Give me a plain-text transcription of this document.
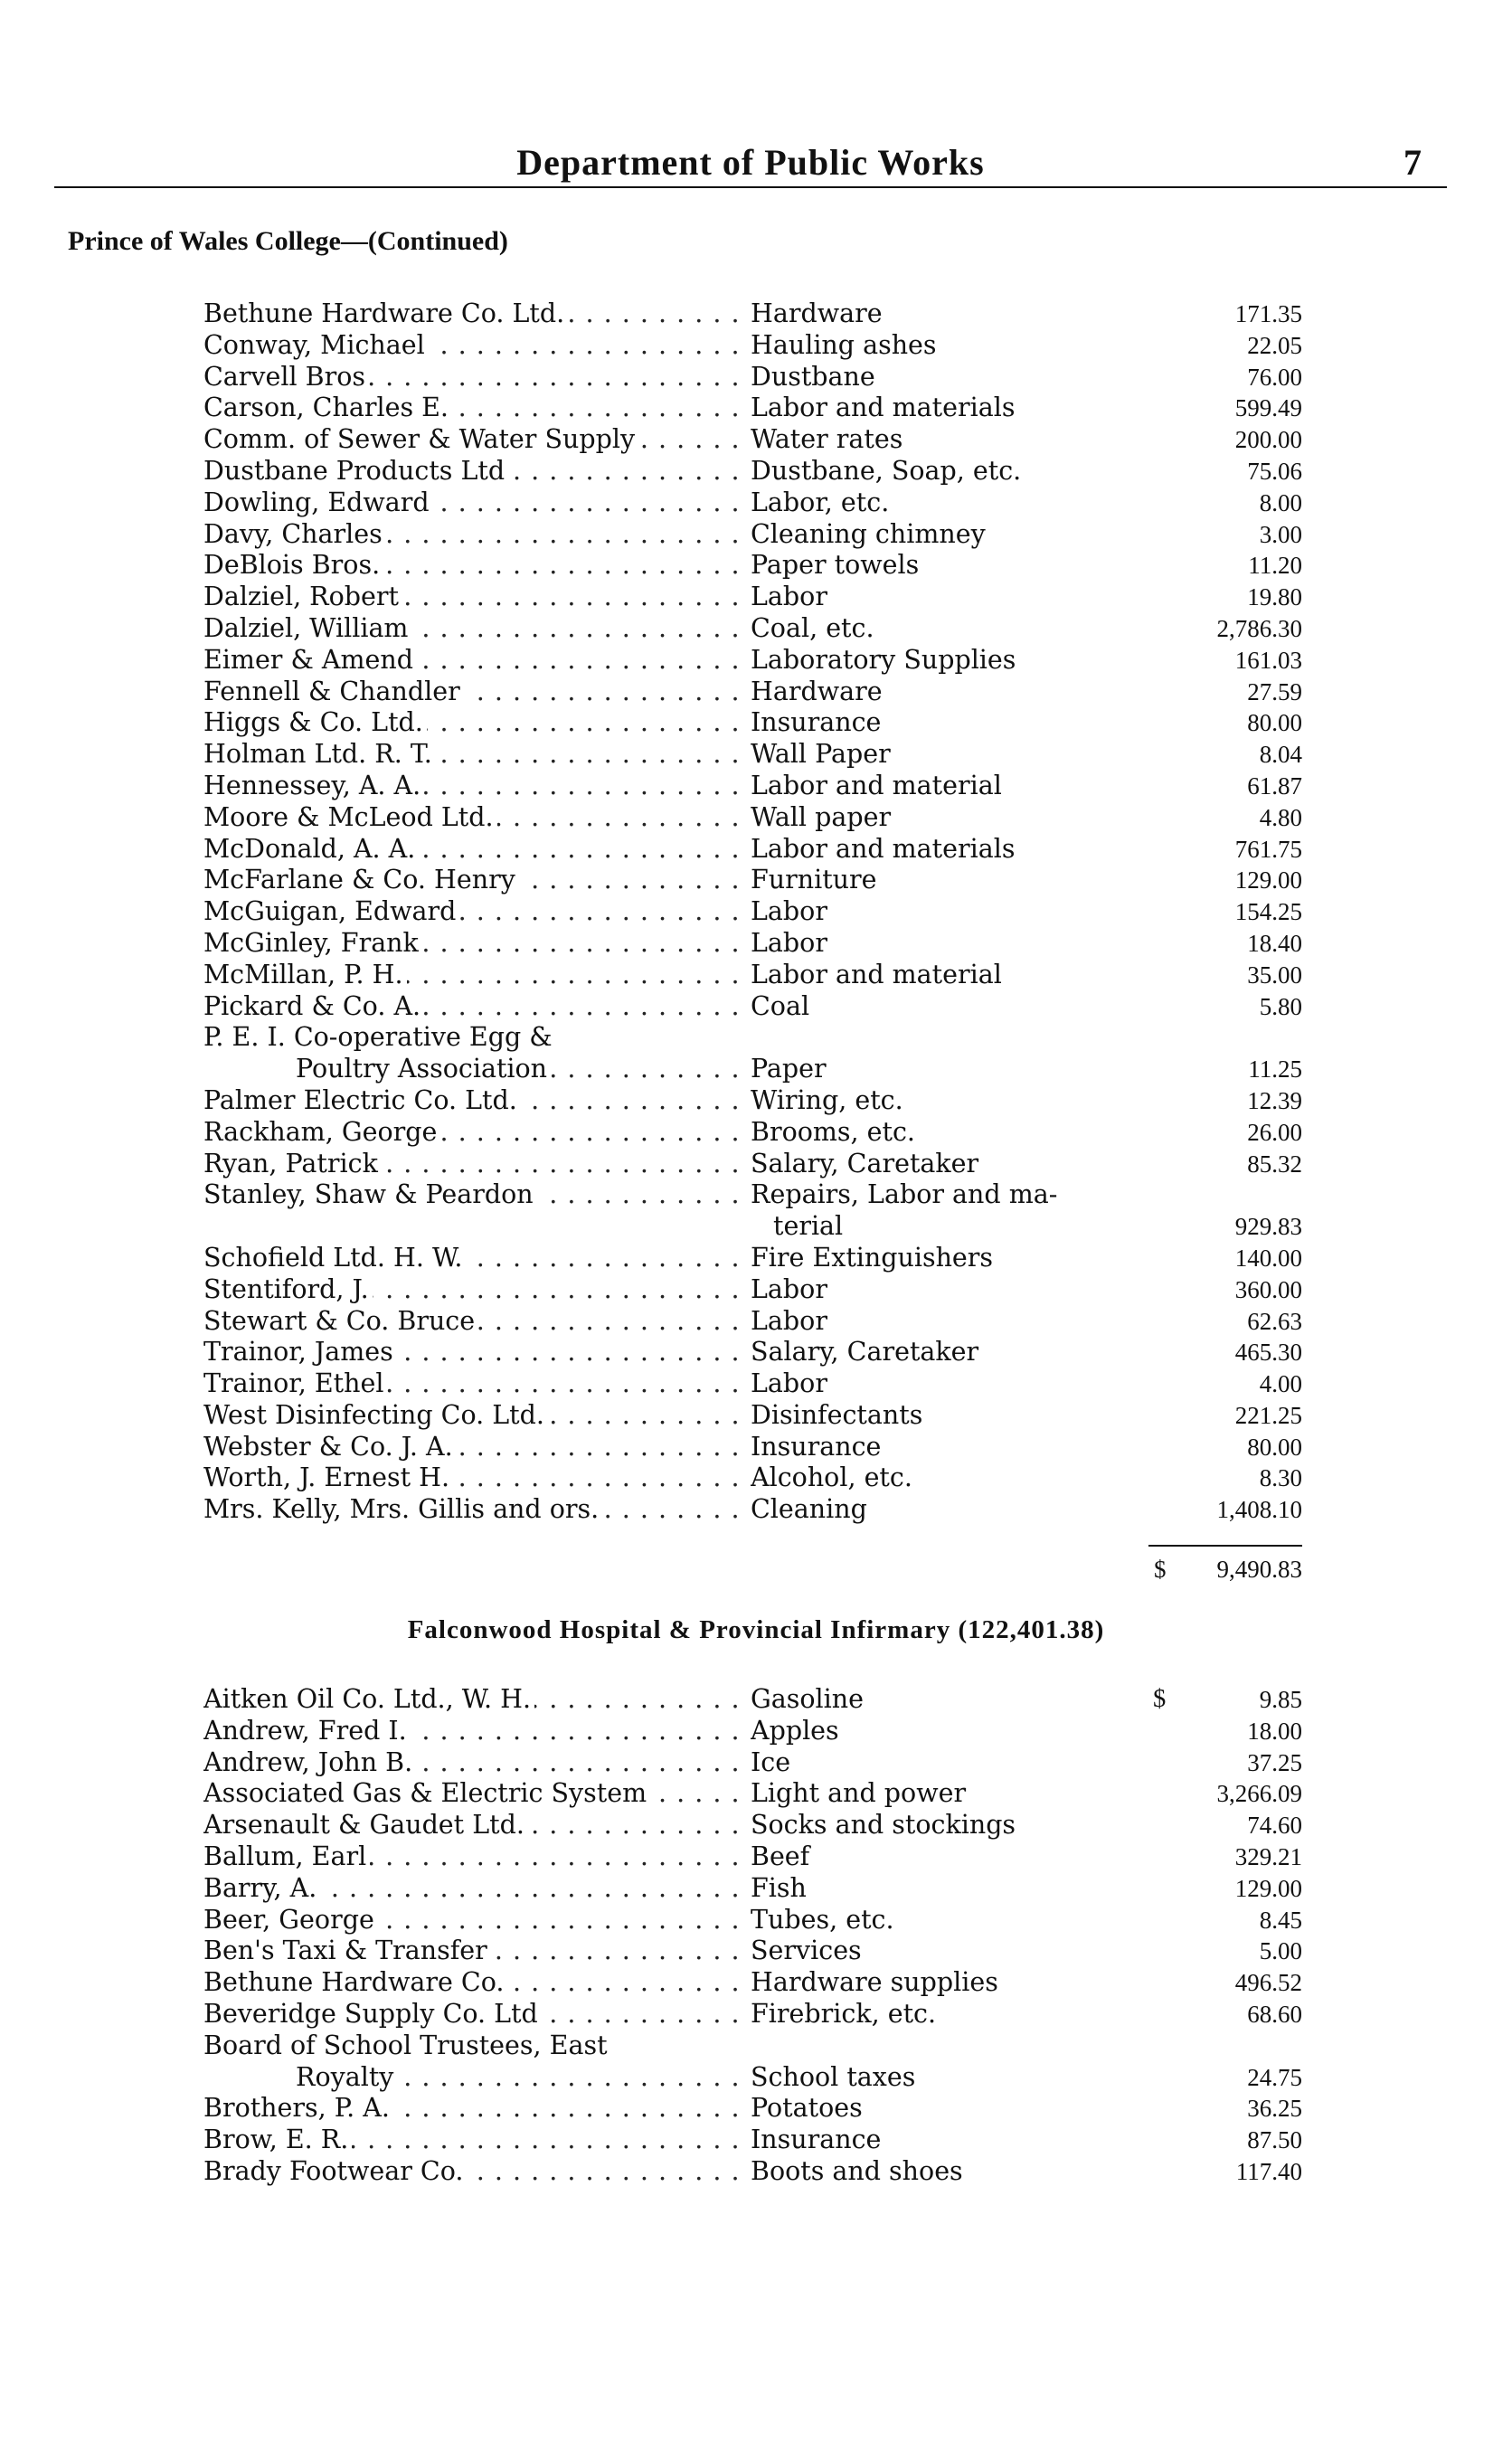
Department of Public Works	7
Prince of Wales College—(Continued)
Bethune Hardware Co. Ltd. . . .	Hardware . . .	171.35
Conway, Michael . . .	Hauling ashes . . .	22.05
Carvell Bros . . .	Dustbane . . .	76.00
Carson, Charles E. . . .	Labor and materials . . .	599.49
Comm. of Sewer & Water Supply . . .	Water rates . . .	200.00
Dustbane Products Ltd . . .	Dustbane, Soap, etc. . . .	75.06
Dowling, Edward . . .	Labor, etc. . . .	8.00
Davy, Charles . . .	Cleaning chimney . . .	3.00
DeBlois Bros. . . .	Paper towels . . .	11.20
Dalziel, Robert . . .	Labor . . .	19.80
Dalziel, William . . .	Coal, etc. . . .	2,786.30
Eimer & Amend . . .	Laboratory Supplies . . .	161.03
Fennell & Chandler . . .	Hardware . . .	27.59
Higgs & Co. Ltd. . . .	Insurance . . .	80.00
Holman Ltd. R. T. . . .	Wall Paper . . .	8.04
Hennessey, A. A. . . .	Labor and material . . .	61.87
Moore & McLeod Ltd. . . .	Wall paper . . .	4.80
McDonald, A. A. . . .	Labor and materials . . .	761.75
McFarlane & Co. Henry . . .	Furniture . . .	129.00
McGuigan, Edward . . .	Labor . . .	154.25
McGinley, Frank . . .	Labor . . .	18.40
McMillan, P. H. . . .	Labor and material . . .	35.00
Pickard & Co. A. . . .	Coal . . .	5.80
P. E. I. Co-operative Egg &
Poultry Association . . .	Paper . . .	11.25
Palmer Electric Co. Ltd. . . .	Wiring, etc. . . .	12.39
Rackham, George . . .	Brooms, etc. . . .	26.00
Ryan, Patrick . . .	Salary, Caretaker . . .	85.32
Stanley, Shaw & Peardon . . .	Repairs, Labor and ma-
terial . . .	929.83
Schofield Ltd. H. W. . . .	Fire Extinguishers . . .	140.00
Stentiford, J. . . .	Labor . . .	360.00
Stewart & Co. Bruce . . .	Labor . . .	62.63
Trainor, James . . .	Salary, Caretaker . . .	465.30
Trainor, Ethel . . .	Labor . . .	4.00
West Disinfecting Co. Ltd. . . .	Disinfectants . . .	221.25
Webster & Co. J. A. . . .	Insurance . . .	80.00
Worth, J. Ernest H. . . .	Alcohol, etc. . . .	8.30
Mrs. Kelly, Mrs. Gillis and ors. . . .	Cleaning . . .	1,408.10
$ 9,490.83
Falconwood Hospital & Provincial Infirmary (122,401.38)
Aitken Oil Co. Ltd., W. H. . . .	Gasoline . . .	$	9.85
Andrew, Fred I. . . .	Apples . . .	18.00
Andrew, John B. . . .	Ice . . .	37.25
Associated Gas & Electric System . . .	Light and power . . .	3,266.09
Arsenault & Gaudet Ltd. . . .	Socks and stockings . . .	74.60
Ballum, Earl . . .	Beef . . .	329.21
Barry, A. . . .	Fish . . .	129.00
Beer, George . . .	Tubes, etc. . . .	8.45
Ben's Taxi & Transfer . . .	Services . . .	5.00
Bethune Hardware Co. . . .	Hardware supplies . . .	496.52
Beveridge Supply Co. Ltd . . .	Firebrick, etc. . . .	68.60
Board of School Trustees, East
Royalty . . .	School taxes . . .	24.75
Brothers, P. A. . . .	Potatoes . . .	36.25
Brow, E. R. . . .	Insurance . . .	87.50
Brady Footwear Co. . . .	Boots and shoes . . .	117.40
